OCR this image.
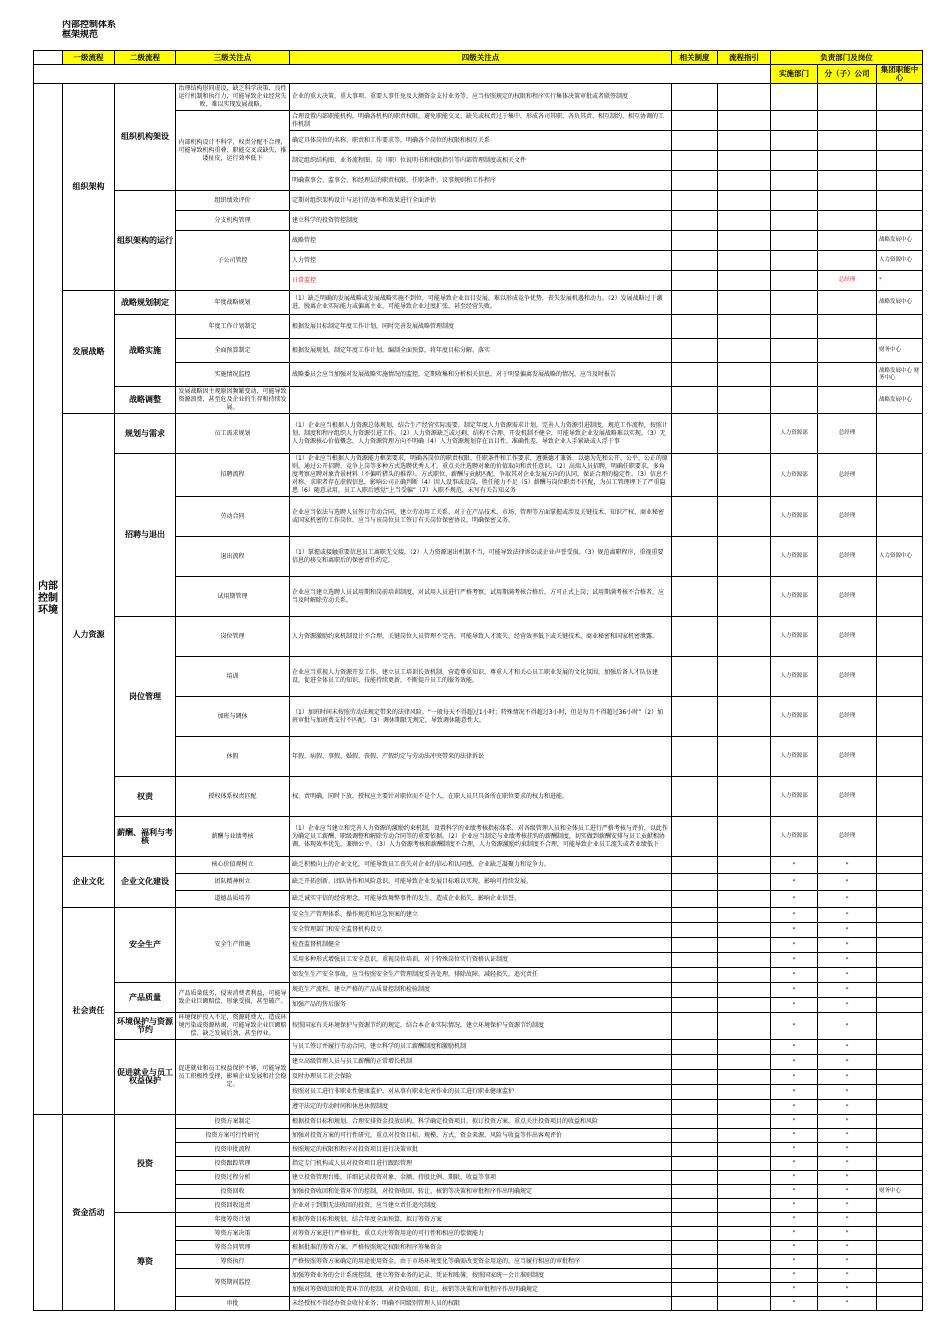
内部控制体系框架规范
	一级流程	二级流程	三级关注点	四级关注点	相关制度	流程指引	负责部门及岗位		
							实施部门	分（子）公司	集团职能中心
内部控制环境	组织架构	组织机构架设	治理结构形同虚设，缺乏科学决策、良性运行机制和执行力，可能导致企业经营失败，难以实现发展战略。	企业的重大决策、重大事项、重要人事任免及大额资金支付业务等，应当按照规定的权限和程序实行集体决策审批或者联签制度					
			内部机构设计不科学，权责分配不合理，可能导致机构重叠、职能交叉或缺失、推诿扯皮，运行效率低下	合理设置内部职能机构，明确各机构的职责权限，避免职能交叉、缺失或权责过于集中，形成各司其职、各负其责、相互制约、相互协调的工作机制					
				确定具体岗位的名称、职责和工作要求等，明确各个岗位的权限和相互关系					
				制定组织结构图、业务流程图、岗（职）位说明书和权限指引等内部管理制度或相关文件					
				明确董事会、监事会、和经理层的职责权限、任职条件、议事规则和工作程序					
		组织架构的运行	组织绩效评价	定期对组织架构设计与运行的效率和效果进行全面评估					
			分支机构管理	建立科学的投资管控制度					
			子公司管控	战略管控					战略发展中心
				人力管控					人力资源中心
				日常监控				总经理	*
	发展战略	战略规划制定	年度战略规划	（1）缺乏明确的发展战略或发展战略实施不到位，可能导致企业盲目发展，难以形成竞争优势，丧失发展机遇和动力。（2）发展战略过于激进，脱离企业实际能力或偏离主业，可能导致企业过度扩张，甚至经营失败。					战略发展中心
		战略实施	年度工作计划制定	根据发展目标制定年度工作计划，同时完善发展战略管理制度					
			全面预算制定	根据发展规划，制定年度工作计划，编制全面预算，将年度目标分解、落实					财务中心
			实施情况监控	战略委员会应当加强对发展战略实施情况的监控，定期收集和分析相关信息，对于明显偏离发展战略的情况，应当及时报告					战略发展中心 财务中心
		战略调整	发展战略因主观原因频繁变动，可能导致资源浪费，甚至危及企业的生存和持续发展。						战略发展中心
	人力资源	规划与需求	员工需求规划	（1）企业应当根据人力资源总体规划，结合生产经营实际需要，制定年度人力资源需求计划，完善人力资源引进制度，规范工作流程，按照计划、制度和程序组织人力资源引进工作。（2）人力资源缺乏或过剩、结构不合理、开发机制不健全，可能导致企业发展战略难以实现。（3）无人力资源核心价值概念，人力资源管理方向不明确（4）人力资源规划存在盲目性、准确性差，导致企业人手紧缺或人浮于事			人力资源部	总经理	
		招聘与退出	招聘流程	（1）企业应当根据人力资源能力框架要求，明确各岗位的职责权限、任职条件和工作要求，遵循德才兼备、以德为先和公开、公平、公正的原则，通过公开招聘、竞争上岗等多种方式选聘优秀人才，重点关注选聘对象的价值取向和责任意识。（2）高端人员招聘，明确任职要求，多角度考察应聘对象背景材料（不偏听猎头的推荐），方式职位、薪酬与贡献匹配，争取其对企业发展方向的认同，保证合理的稳定性。（3）信息不对称，求职者存在虚假信息，影响公司正确判断（4）因人设事或设岗，胜任能力不足（5）薪酬与岗位职责不匹配，为员工管理埋下了严重隐患（6）随意录用，员工入职后感觉“上当受骗”（7）入职不规范，未写有关告知义务			人力资源部	总经理	
			劳动合同	企业应当依法与选聘人员签订劳动合同，建立劳动用工关系。对于在产品技术、市场、管理等方面掌握或涉及关键技术、知识产权、商业秘密或国家机密的工作岗位，应当与该岗位员工签订有关岗位保密协议，明确保密义务。			人力资源部	总经理	
			退出流程	（1）掌握或接触重要信息员工离职无交接。（2）人力资源退出机制不当，可能导致法律诉讼或企业声誉受损。（3）规范离职程序，重视重要信息的移交和离职后的保密责任约定。			人力资源部	总经理	人力资源中心
			试用期管理	企业应当建立选聘人员试用期和岗前培训制度，对试用人员进行严格考察，试用期满考核合格后，方可正式上岗；试用期满考核不合格者，应当及时解除劳动关系。			人力资源部	总经理	
		岗位管理	岗位管理	人力资源激励约束机制设计不合理、关键岗位人员管理不完善，可能导致人才流失、经营效率低下或关键技术、商业秘密和国家机密泄露。			人力资源部	总经理	
			培训	企业应当重视人力资源开发工作，建立员工培训长效机制，营造尊重知识、尊重人才和关心员工职业发展的文化氛围，加强后备人才队伍建设，促进全体员工的知识、技能持续更新，不断提升员工的服务效能。			人力资源部	总经理	
			加班与调休	（1）加班时间未按照劳动法规定带来的法律风险。“一般每天不得超过1小时；特殊情况不得超过3小时，但是每月不得超过36小时”（2）加班审批与加班费支付不匹配。（3）调休期限无规定，导致调休随意性大。			人力资源部	总经理	
			休假	年假、病假、事假、婚假、丧假、产假约定与劳动法冲突带来的法律诉讼			人力资源部	总经理	
		权责	授权体系权责匹配	权、责明确，同时下放，授权应主要针对职位而不是个人，在职人员只具备所在职位要求的权力和进能。			人力资源部	总经理	
		薪酬、福利与考核	薪酬与业绩考核	（1）企业应当建立和完善人力资源的激励约束机制，设置科学的业绩考核指标体系，对各级管理人员和全体员工进行严格考核与评价，以此作为确定员工薪酬、职级调整和解除劳动合同等的重要依据。（2）企业应当制定与业绩考核挂钩的薪酬制度，切实做到薪酬安排与员工贡献相协调，体现效率优先，兼顾公平。（3）人力资源考核和薪酬制度不合理，人力资源激励约束制度不合理，可能导致企业员工流失或者业绩低下			人力资源部	总经理	
	企业文化	企业文化建设	核心价值观树立	缺乏积极向上的企业文化，可能导致员工丧失对企业的信心和认同感，企业缺乏凝聚力和竞争力。			*	*	
			团队精神树立	缺乏开拓创新、团队协作和风险意识，可能导致企业发展目标难以实现，影响可持续发展。			*	*	
			道德品质培养	缺乏诚实守信的经营理念，可能导致舞弊事件的发生，造成企业损失，影响企业信誉。			*	*	
	社会责任	安全生产	安全生产措施	安全生产管理体系、操作规范和应急预案的建立			*	*	
				安全管理部门和安全监督机构设立			*	*	
				检查监督机制健全			*	*	
				采用多种形式增强员工安全意识，重视岗位培训，对于特殊岗位实行资格认证制度			*	*	
				如发生生产安全事故，应当按照安全生产管理制度妥善处理，排除故障，减轻损失，追究责任			*	*	
		产品质量	产品质量低劣，侵害消费者利益，可能导致企业巨额赔偿、形象受损，甚至破产。	规范生产流程，建立严格的产品质量控制和检验制度			*	*	
				加强产品的售后服务			*	*	
		环境保护与资源节约	环境保护投入不足，资源耗费大，造成环境污染或资源枯竭，可能导致企业巨额赔偿、缺乏发展后劲，甚至停业。	按照国家有关环境保护与资源节约的规定，结合本企业实际情况，建立环境保护与资源节约制度			*	*	
		促进就业与员工权益保护	促进就业和员工权益保护不够，可能导致员工积极性受挫，影响企业发展和社会稳定。	与员工签订并履行劳动合同，建立科学的员工薪酬制度和激励机制			*	*	
				建立高级管理人员与员工薪酬的正常增长机制			*	*	
				及时办理员工社会保险			*	*	
				按照对员工进行非职业性健康监护，对从事有职业危害作业的员工进行职业健康监护			*	*	
				遵守法定的劳动时间和休息休假制度			*	*	
	资金活动	投资	投资方案制定	根据投资目标和规划，合理安排资金投放结构，科学确定投资项目，拟订投资方案，重点关注投资项目的收益和风险			*	*	
			投资方案可行性研究	加强对投资方案的可行性研究，重点对投资目标、规模、方式、资金来源、风险与收益等作出客观评价			*	*	
			投资审批流程	按照规定的权限和程序对投资项目进行决策审批			*	*	
			投资跟踪管理	指定专门机构或人员对投资项目进行跟踪管理			*	*	
			投资过程分析	建立投资管理台账，详细记录投资对象、金额、持股比例、期限、收益等事项			*	*	
			投资回收	加强投资收回和处置环节的控制，对投资收回、转让、核销等决策和审批程序作出明确规定			*	*	财务中心
			投资回收追责	企业对于到期无法收回的投资，应当建立责任追究制度			*	*	
		筹资	年度筹资计划	根据筹资目标和规划，结合年度全面预算，拟订筹资方案			*	*	
			筹资方案决策	对筹资方案进行严格审批，重点关注筹资用途的可行性和相应的偿债能力			*	*	
			筹资合同管理	根据批准的筹资方案，严格按照规定权限和程序筹集资金			*	*	
			筹资执行	严格按照筹资方案确定的用途使用资金，由于市场环境变化等确需改变资金用途的，应当履行相应的审批程序			*	*	
			筹资期间监控	加强筹资业务的会计系统控制，建立筹资业务的记录、凭证和账簿，按照国家统一会计准则制度			*	*	
				加强对筹资收回和处置环节的控制，对投资收回、转让、核销等决策和审批程序作出明确规定			*	*	
			审批	未经授权不得经办资金收付业务；明确不同级别管理人员的权限			*	*	
